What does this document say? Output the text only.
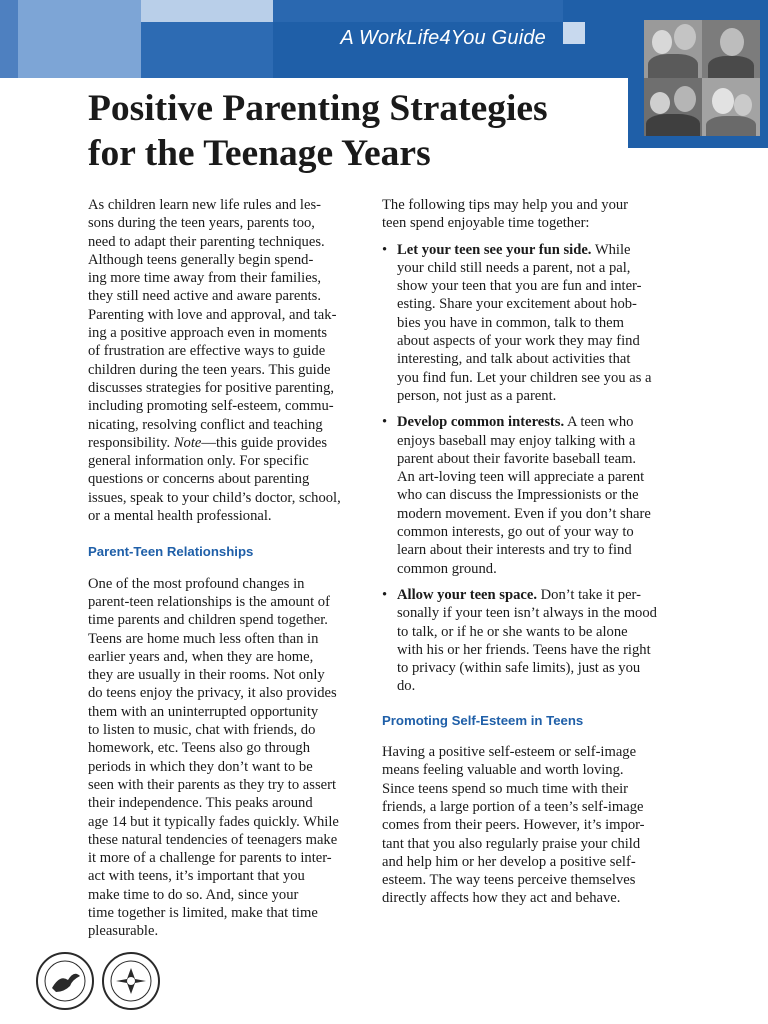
A WorkLife4You Guide
Positive Parenting Strategies
for the Teenage Years

As children learn new life rules and les-
sons during the teen years, parents too,
need to adapt their parenting techniques.
Although teens generally begin spend-
ing more time away from their families,
they still need active and aware parents.
Parenting with love and approval, and tak-
ing a positive approach even in moments
of frustration are effective ways to guide
children during the teen years. This guide
discusses strategies for positive parenting,
including promoting self-esteem, commu-
nicating, resolving conflict and teaching
responsibility. Note—this guide provides
general information only. For specific
questions or concerns about parenting
issues, speak to your child’s doctor, school,
or a mental health professional.

Parent-Teen Relationships

One of the most profound changes in
parent-teen relationships is the amount of
time parents and children spend together.
Teens are home much less often than in
earlier years and, when they are home,
they are usually in their rooms. Not only
do teens enjoy the privacy, it also provides
them with an uninterrupted opportunity
to listen to music, chat with friends, do
homework, etc. Teens also go through
periods in which they don’t want to be
seen with their parents as they try to assert
their independence. This peaks around
age 14 but it typically fades quickly. While
these natural tendencies of teenagers make
it more of a challenge for parents to inter-
act with teens, it’s important that you
make time to do so. And, since your
time together is limited, make that time
pleasurable.

The following tips may help you and your
teen spend enjoyable time together:

• Let your teen see your fun side. While
your child still needs a parent, not a pal,
show your teen that you are fun and inter-
esting. Share your excitement about hob-
bies you have in common, talk to them
about aspects of your work they may find
interesting, and talk about activities that
you find fun. Let your children see you as a
person, not just as a parent.
• Develop common interests. A teen who
enjoys baseball may enjoy talking with a
parent about their favorite baseball team.
An art-loving teen will appreciate a parent
who can discuss the Impressionists or the
modern movement. Even if you don’t share
common interests, go out of your way to
learn about their interests and try to find
common ground.
• Allow your teen space. Don’t take it per-
sonally if your teen isn’t always in the mood
to talk, or if he or she wants to be alone
with his or her friends. Teens have the right
to privacy (within safe limits), just as you
do.
Promoting Self-Esteem in Teens

Having a positive self-esteem or self-image
means feeling valuable and worth loving.
Since teens spend so much time with their
friends, a large portion of a teen’s self-image
comes from their peers. However, it’s impor-
tant that you also regularly praise your child
and help him or her develop a positive self-
esteem. The way teens perceive themselves
directly affects how they act and behave.
